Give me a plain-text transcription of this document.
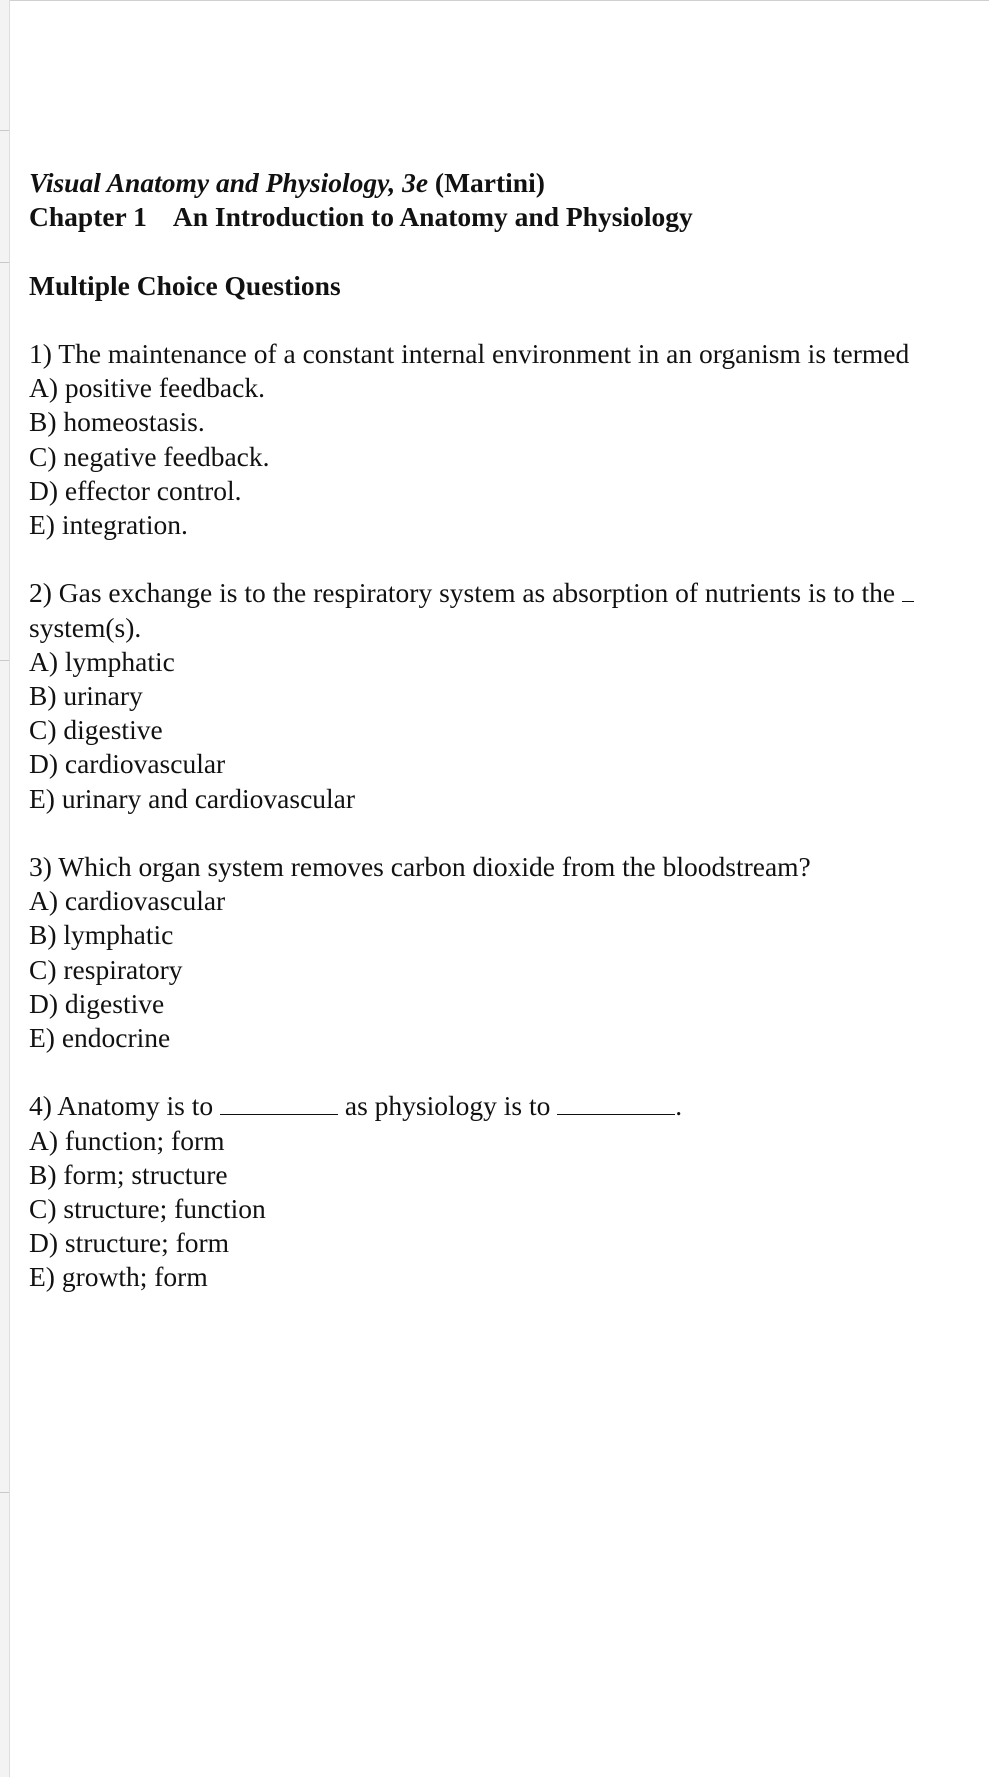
Visual Anatomy and Physiology, 3e (Martini)
Chapter 1 An Introduction to Anatomy and Physiology
Multiple Choice Questions
1) The maintenance of a constant internal environment in an organism is termed
A) positive feedback.
B) homeostasis.
C) negative feedback.
D) effector control.
E) integration.
2) Gas exchange is to the respiratory system as absorption of nutrients is to the
system(s).
A) lymphatic
B) urinary
C) digestive
D) cardiovascular
E) urinary and cardiovascular
3) Which organ system removes carbon dioxide from the bloodstream?
A) cardiovascular
B) lymphatic
C) respiratory
D) digestive
E) endocrine
4) Anatomy is to	as physiology is to	.
A) function; form
B) form; structure
C) structure; function
D) structure; form
E) growth; form
